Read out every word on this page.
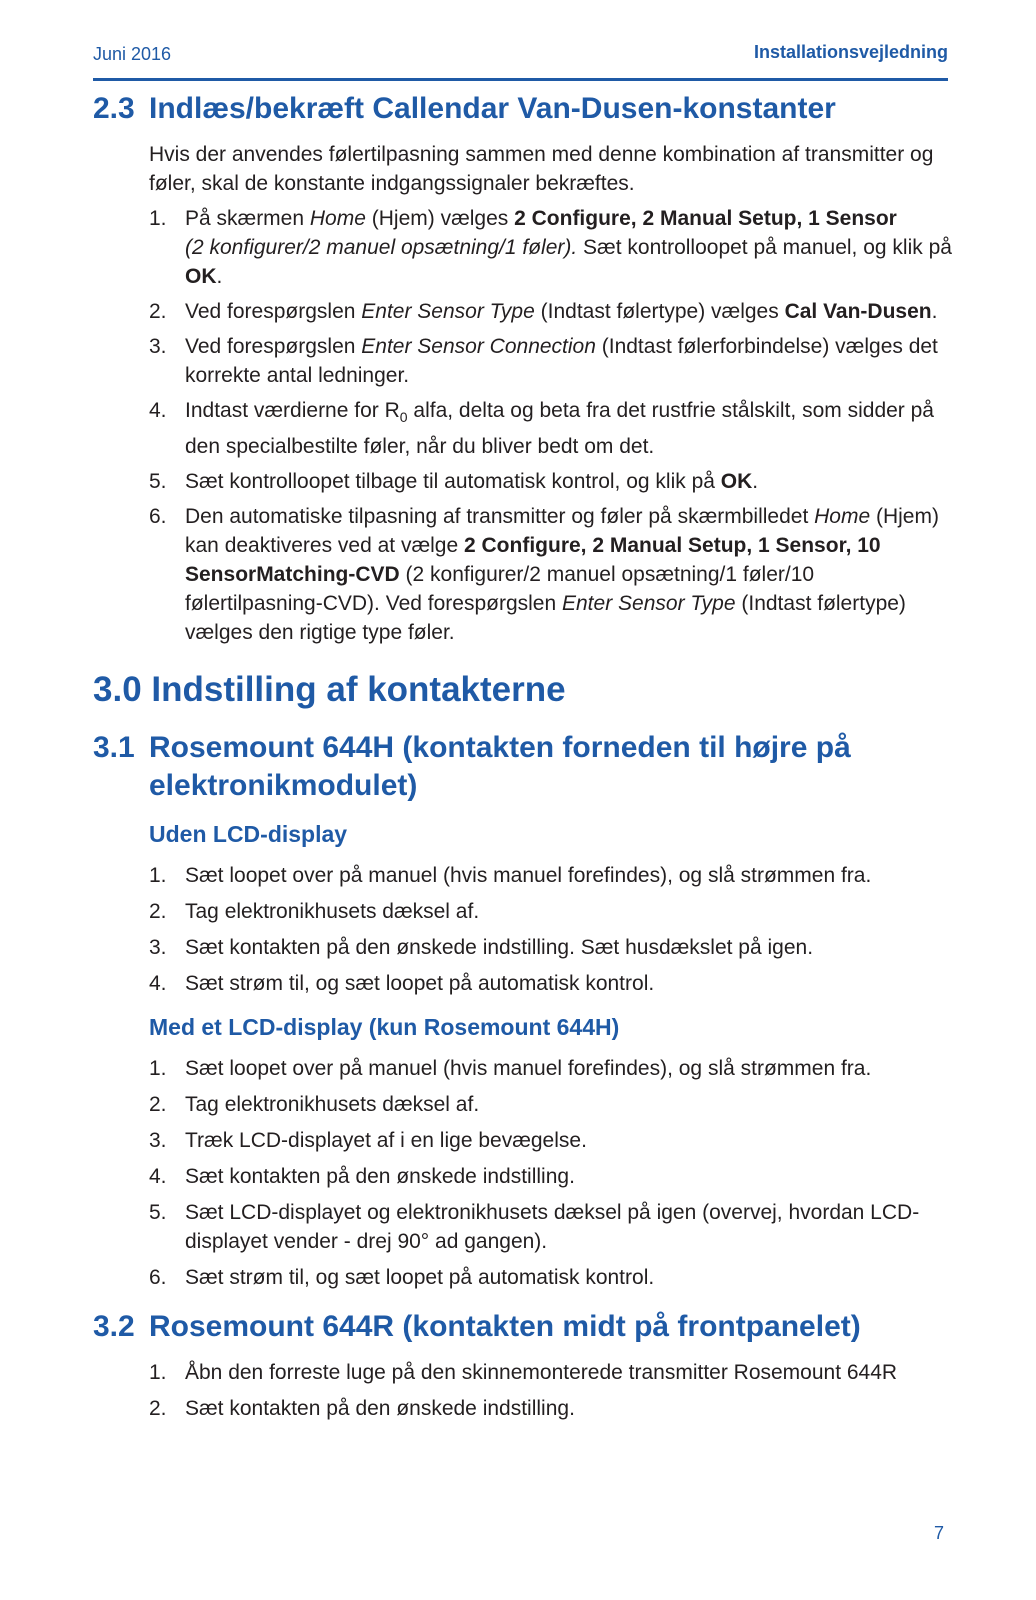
Juni 2016	Installationsvejledning
2.3 Indlæs/bekræft Callendar Van-Dusen-konstanter

Hvis der anvendes følertilpasning sammen med denne kombination af transmitter og føler, skal de konstante indgangssignaler bekræftes.

1. På skærmen Home (Hjem) vælges 2 Configure, 2 Manual Setup, 1 Sensor
(2 konfigurer/2 manuel opsætning/1 føler). Sæt kontrolloopet på manuel, og klik på OK.
2. Ved forespørgslen Enter Sensor Type (Indtast følertype) vælges Cal Van-Dusen.
3. Ved forespørgslen Enter Sensor Connection (Indtast følerforbindelse) vælges det korrekte antal ledninger.
4. Indtast værdierne for $R_0$ alfa, delta og beta fra det rustfrie stålskilt, som sidder på den specialbestilte føler, når du bliver bedt om det.
5. Sæt kontrolloopet tilbage til automatisk kontrol, og klik på OK.
6. Den automatiske tilpasning af transmitter og føler på skærmbilledet Home (Hjem) kan deaktiveres ved at vælge 2 Configure, 2 Manual Setup, 1 Sensor, 10 SensorMatching-CVD (2 konfigurer/2 manuel opsætning/1 føler/10 følertilpasning-CVD). Ved forespørgslen Enter Sensor Type (Indtast følertype) vælges den rigtige type føler.
3.0 Indstilling af kontakterne
3.1 Rosemount 644H (kontakten forneden til højre på elektronikmodulet)
Uden LCD-display
1. Sæt loopet over på manuel (hvis manuel forefindes), og slå strømmen fra.
2. Tag elektronikhusets dæksel af.
3. Sæt kontakten på den ønskede indstilling. Sæt husdækslet på igen.
4. Sæt strøm til, og sæt loopet på automatisk kontrol.
Med et LCD-display (kun Rosemount 644H)
1. Sæt loopet over på manuel (hvis manuel forefindes), og slå strømmen fra.
2. Tag elektronikhusets dæksel af.
3. Træk LCD-displayet af i en lige bevægelse.
4. Sæt kontakten på den ønskede indstilling.
5. Sæt LCD-displayet og elektronikhusets dæksel på igen (overvej, hvordan LCD-displayet vender - drej 90° ad gangen).
6. Sæt strøm til, og sæt loopet på automatisk kontrol.
3.2 Rosemount 644R (kontakten midt på frontpanelet)
1. Åbn den forreste luge på den skinnemonterede transmitter Rosemount 644R
2. Sæt kontakten på den ønskede indstilling.
7
